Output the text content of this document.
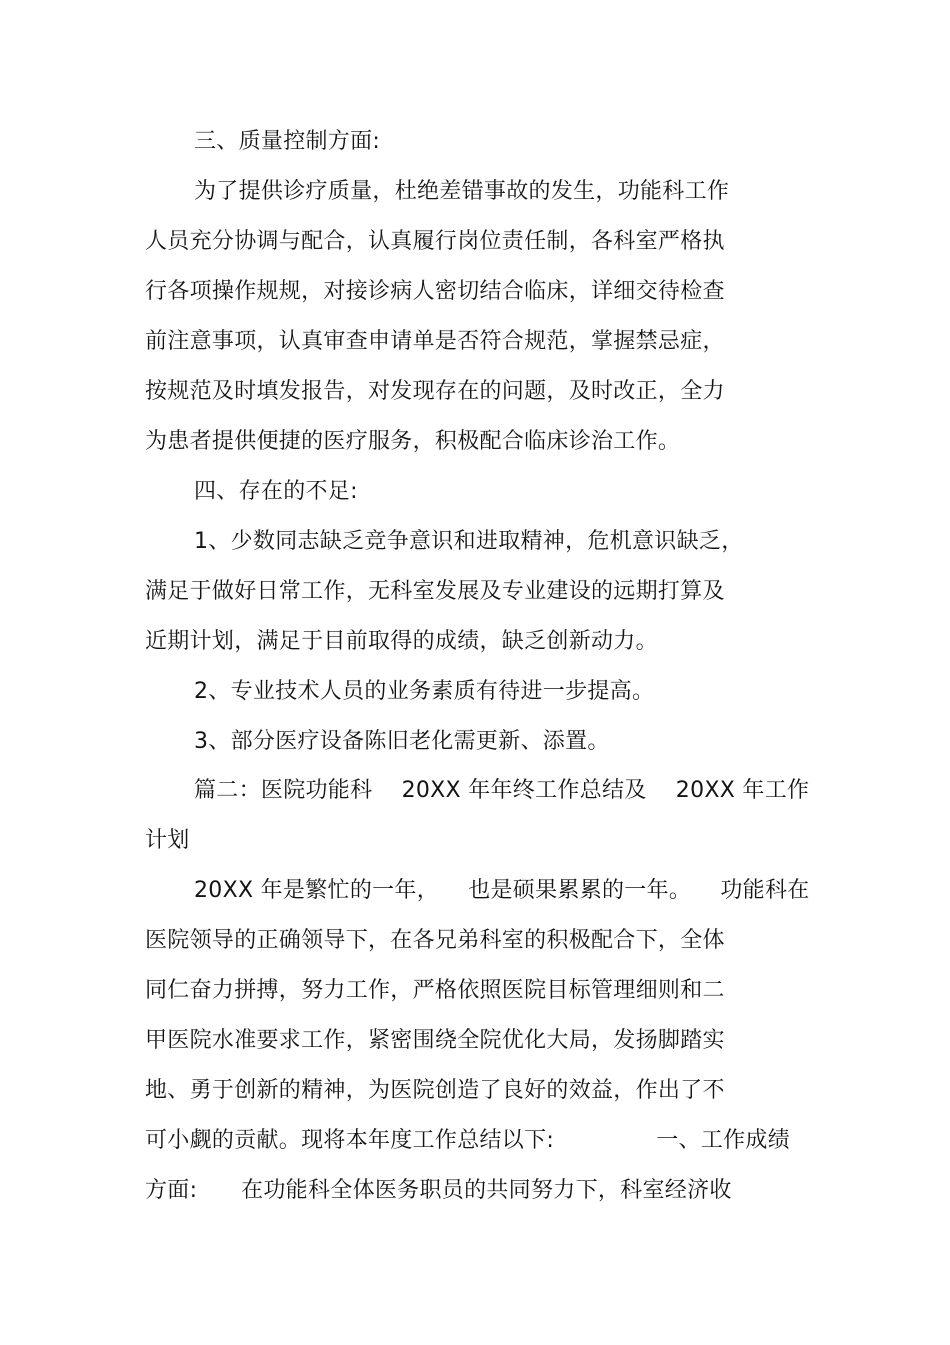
三、质量控制方面:
为了提供诊疗质量，杜绝差错事故的发生，功能科工作
人员充分协调与配合，认真履行岗位责任制，各科室严格执
行各项操作规规，对接诊病人密切结合临床，详细交待检查
前注意事项，认真审查申请单是否符合规范，掌握禁忌症，
按规范及时填发报告，对发现存在的问题，及时改正，全力
为患者提供便捷的医疗服务，积极配合临床诊治工作。
四、存在的不足:
1、少数同志缺乏竞争意识和进取精神，危机意识缺乏，
满足于做好日常工作，无科室发展及专业建设的远期打算及
近期计划，满足于目前取得的成绩，缺乏创新动力。
2、专业技术人员的业务素质有待进一步提高。
3、部分医疗设备陈旧老化需更新、添置。
篇二：医院功能科    20XX 年年终工作总结及    20XX 年工作
计划
20XX 年是繁忙的一年，    也是硕果累累的一年。    功能科在
医院领导的正确领导下，在各兄弟科室的积极配合下，全体
同仁奋力拼搏，努力工作，严格依照医院目标管理细则和二
甲医院水准要求工作，紧密围绕全院优化大局，发扬脚踏实
地、勇于创新的精神，为医院创造了良好的效益，作出了不
可小觑的贡献。现将本年度工作总结以下:              一、工作成绩
方面:      在功能科全体医务职员的共同努力下，科室经济收
